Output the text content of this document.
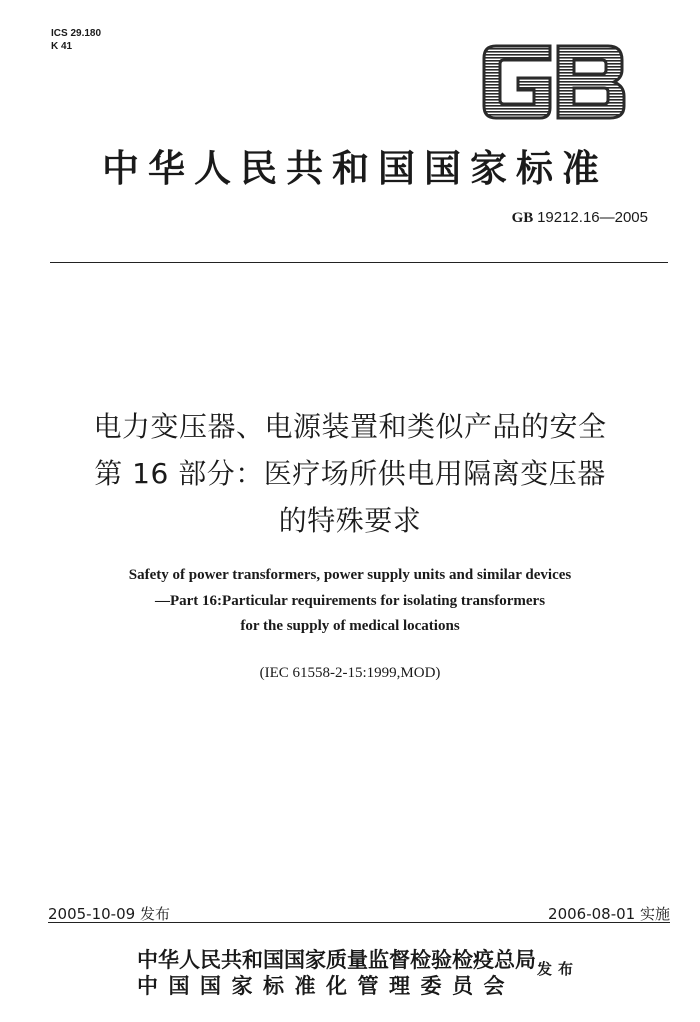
ICS 29.180
K 41
中华人民共和国国家标准
GB 19212.16—2005
电力变压器、电源装置和类似产品的安全
第 16 部分：医疗场所供电用隔离变压器
的特殊要求
Safety of power transformers, power supply units and similar devices
—Part 16:Particular requirements for isolating transformers
for the supply of medical locations
(IEC 61558-2-15:1999,MOD)
2005-10-09 发布	2006-08-01 实施
中华人民共和国国家质量监督检验检疫总局
中国国家标准化管理委员会
发布
